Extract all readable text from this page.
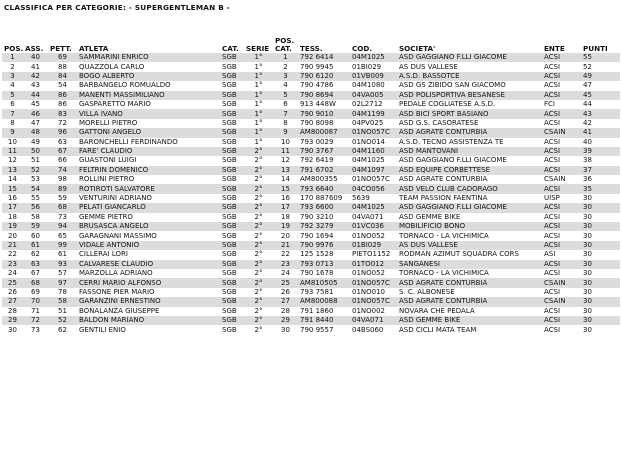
CLASSIFICA PER CATEGORIE: - SUPERGENTLEMAN B -
POS.	ASS.	PETT.	ATLETA	CAT.	SERIE	POS. CAT.	TESS.	COD.	SOCIETA'	ENTE	PUNTI
1	40	69	SAMMARINI ENRICO	SGB	1°	1	792 6414	04M1025	ASD GAGGIANO F.LLI GIACOME	ACSI	55
2	41	88	QUAZZOLA CARLO	SGB	1°	2	790 9945	01BI029	AS DUS VALLESE	ACSI	52
3	42	84	BOGO ALBERTO	SGB	1°	3	790 6120	01VB009	A.S.D. BASSOTCE	ACSI	49
4	43	54	BARBANGELO ROMUALDO	SGB	1°	4	790 4786	04M1080	ASD GS ZIBIDO SAN GIACOMO	ACSI	47
5	44	86	MANENTI MASSIMILIANO	SGB	1°	5	790 8694	04VA005	ASD POLISPORTIVA BESANESE	ACSI	45
6	45	86	GASPARETTO MARIO	SGB	1°	6	913 448W	02L2712	PEDALE COGLIATESE A.S.D.	FCI	44
7	46	83	VILLA IVANO	SGB	1°	7	790 9010	04M1199	ASD BICI SPORT BASIANO	ACSI	43
8	47	72	MORELLI PIETRO	SGB	1°	8	790 8098	04PV025	ASD G.S. CASORATESE	ACSI	42
9	48	96	GATTONI ANGELO	SGB	1°	9	AM800087	01NO057C	ASD AGRATE CONTURBIA	CSAIN	41
10	49	63	BARONCHELLI FERDINANDO	SGB	1°	10	793 0029	01NO014	A.S.D. TECNO ASSISTENZA TE	ACSI	40
11	50	67	FARE' CLAUDIO	SGB	2°	11	790 3767	04M1160	ASD MANTOVANI	ACSI	39
12	51	66	GUASTONI LUIGI	SGB	2°	12	792 6419	04M1025	ASD GAGGIANO F.LLI GIACOME	ACSI	38
13	52	74	FELTRIN DOMENICO	SGB	2°	13	791 6702	04M1097	ASD EQUIPE CORBETTESE	ACSI	37
14	53	98	ROLLINI PIETRO	SGB	2°	14	AM800355	01NO057C	ASD AGRATE CONTURBIA	CSAIN	36
15	54	89	ROTIROTI SALVATORE	SGB	2°	15	793 6640	04CO056	ASD VELO CLUB CADORAGO	ACSI	35
16	55	59	VENTURINI ADRIANO	SGB	2°	16	170 887609	5639	TEAM PASSION FAENTINA	UISP	30
17	56	68	PELATI GIANCARLO	SGB	2°	17	793 6600	04M1025	ASD GAGGIANO F.LLI GIACOME	ACSI	30
18	58	73	GEMME PIETRO	SGB	2°	18	790 3210	04VA071	ASD GEMME BIKE	ACSI	30
19	59	94	BRUSASCA ANGELO	SGB	2°	19	792 3279	01VC036	MOBILIFICIO BONO	ACSI	30
20	60	65	GARAGNANI MASSIMO	SGB	2°	20	790 1694	01NO052	TORNACO - LA VICHIMICA	ACSI	30
21	61	99	VIDALE ANTONIO	SGB	2°	21	790 9976	01BI029	AS DUS VALLESE	ACSI	30
22	62	61	CILLERAI LORI	SGB	2°	22	125 1528	PIETO1152	RODMAN AZIMUT SQUADRA CORS	ASI	30
23	63	93	CALVARESE CLAUDIO	SGB	2°	23	793 0713	01TO012	SANGANESI	ACSI	30
24	67	57	MARZOLLA ADRIANO	SGB	2°	24	790 1678	01NO052	TORNACO - LA VICHIMICA	ACSI	30
25	68	97	CERRI MARIO ALFONSO	SGB	2°	25	AM810505	01NO057C	ASD AGRATE CONTURBIA	CSAIN	30
26	69	78	FASSONE PIER MARIO	SGB	2°	26	793 7581	01NO010	S. C. ALBONESE	ACSI	30
27	70	58	GARANZINI ERNESTINO	SGB	2°	27	AM800088	01NO057C	ASD AGRATE CONTURBIA	CSAIN	30
28	71	51	BONALANZA GIUSEPPE	SGB	2°	28	791 1860	01NO002	NOVARA CHE PEDALA	ACSI	30
29	72	52	BALDON MARIANO	SGB	2°	29	791 8440	04VA071	ASD GEMME BIKE	ACSI	30
30	73	62	GENTILI ENIO	SGB	2°	30	790 9557	04BS060	ASD CICLI MATA TEAM	ACSI	30
